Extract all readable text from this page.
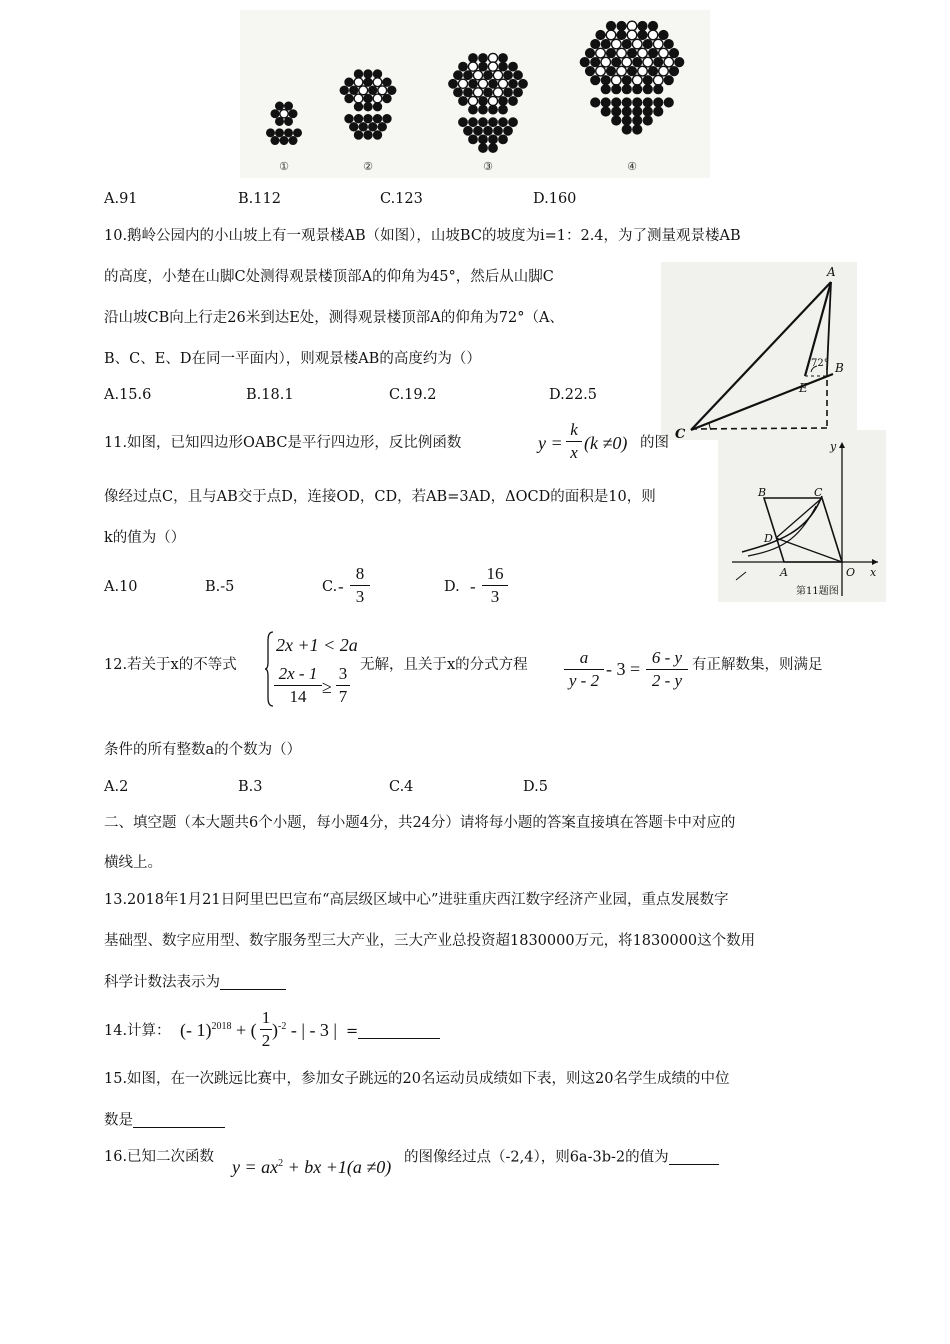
①	②	③	④
A.91	B.112	C.123	D.160
10.鹅岭公园内的小山坡上有一观景楼AB（如图），山坡BC的坡度为i=1：2.4，为了测量观景楼AB
的高度，小楚在山脚C处测得观景楼顶部A的仰角为45°，然后从山脚C
沿山坡CB向上行走26米到达E处，测得观景楼顶部A的仰角为72°（A、
B、C、E、D在同一平面内），则观景楼AB的高度约为（）
A.15.6	B.18.1	C.19.2	D.22.5
A
B
C
E
72°
11.如图，已知四边形OABC是平行四边形，反比例函数	y =
k
x (k ≠0) 的图
像经过点C，且与AB交于点D，连接OD，CD，若AB=3AD，ΔOCD的面积是10，则
k的值为（）
A.10	B.-5	C. -
8
3	D. -
16
3
B	C
D
A	O x
y
第11题图
12.若关于x的不等式
2x +1 < 2a
2x - 1
14 ≥
3
7
无解，且关于x的分式方程	a
y - 2
- 3 =
6 - y
2 - y
有正解数集，则满足
条件的所有整数a的个数为（）
A.2	B.3	C.4	D.5
二、填空题（本大题共6个小题，每小题4分，共24分）请将每小题的答案直接填在答题卡中对应的
横线上。
13.2018年1月21日阿里巴巴宣布“高层级区域中心”进驻重庆西江数字经济产业园，重点发展数字
基础型、数字应用型、数字服务型三大产业，三大产业总投资超1830000万元，将1830000这个数用
科学计数法表示为
14.计算： (- 1)$^{2018}$ + (
1
2
)$^{-2}$ - | - 3 | =
15.如图，在一次跳远比赛中，参加女子跳远的20名运动员成绩如下表，则这20名学生成绩的中位
数是
16.已知二次函数 $y = ax^2$ + bx +1(a ≠0) 的图像经过点（-2,4），则6a-3b-2的值为
